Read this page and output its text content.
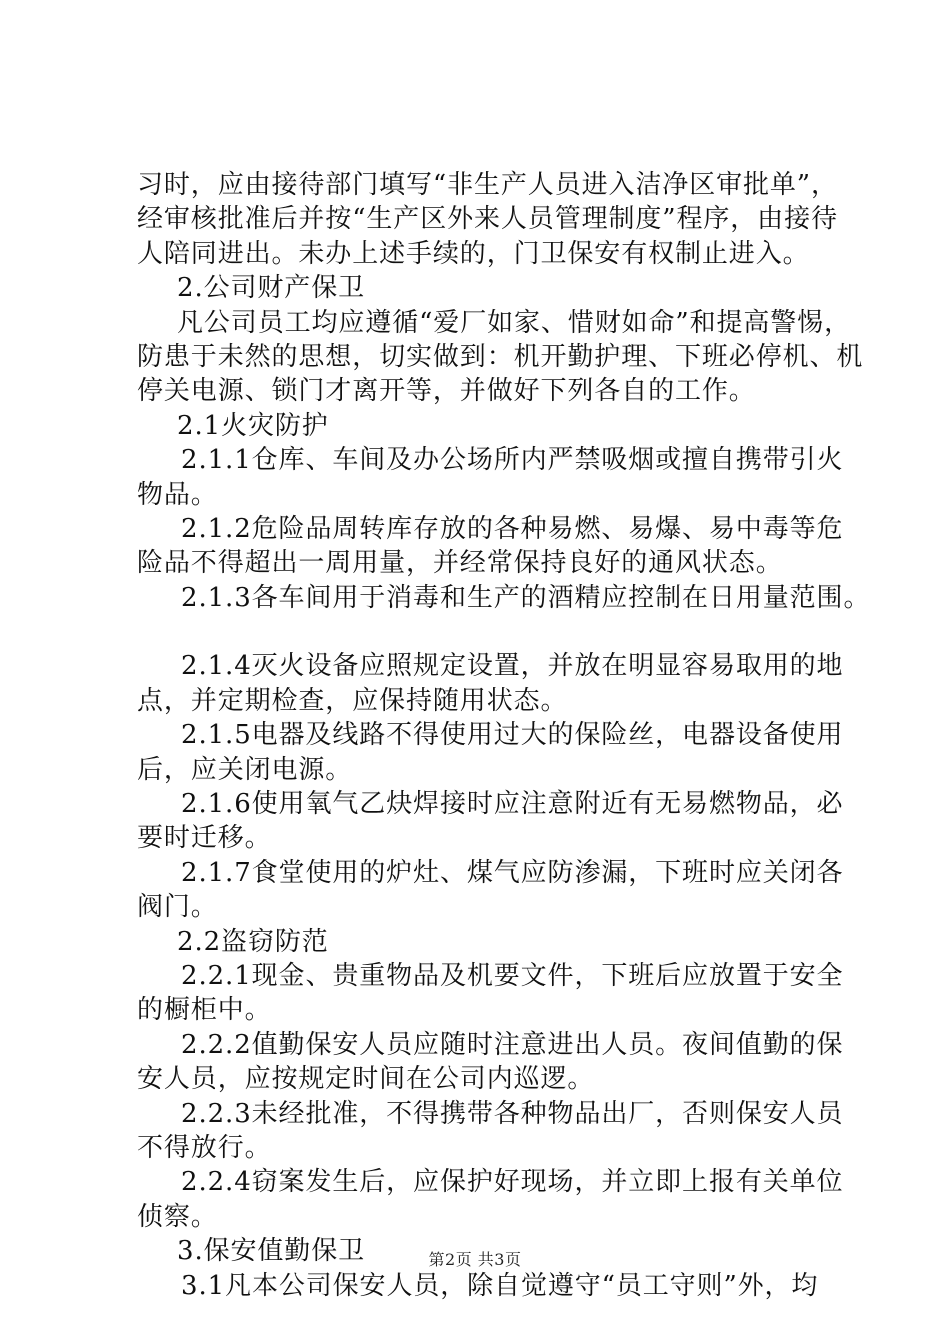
习时，应由接待部门填写“非生产人员进入洁净区审批单”，
经审核批准后并按“生产区外来人员管理制度”程序，由接待
人陪同进出。未办上述手续的，门卫保安有权制止进入。
2.公司财产保卫
凡公司员工均应遵循“爱厂如家、惜财如命”和提高警惕，
防患于未然的思想，切实做到：机开勤护理、下班必停机、机
停关电源、锁门才离开等，并做好下列各自的工作。
2.1火灾防护
2.1.1仓库、车间及办公场所内严禁吸烟或擅自携带引火
物品。
2.1.2危险品周转库存放的各种易燃、易爆、易中毒等危
险品不得超出一周用量，并经常保持良好的通风状态。
2.1.3各车间用于消毒和生产的酒精应控制在日用量范围。
2.1.4灭火设备应照规定设置，并放在明显容易取用的地
点，并定期检查，应保持随用状态。
2.1.5电器及线路不得使用过大的保险丝，电器设备使用
后，应关闭电源。
2.1.6使用氧气乙炔焊接时应注意附近有无易燃物品，必
要时迁移。
2.1.7食堂使用的炉灶、煤气应防渗漏，下班时应关闭各
阀门。
2.2盗窃防范
2.2.1现金、贵重物品及机要文件，下班后应放置于安全
的橱柜中。
2.2.2值勤保安人员应随时注意进出人员。夜间值勤的保
安人员，应按规定时间在公司内巡逻。
2.2.3未经批准，不得携带各种物品出厂，否则保安人员
不得放行。
2.2.4窃案发生后，应保护好现场，并立即上报有关单位
侦察。
3.保安值勤保卫
3.1凡本公司保安人员，除自觉遵守“员工守则”外，均
第2页 共3页
